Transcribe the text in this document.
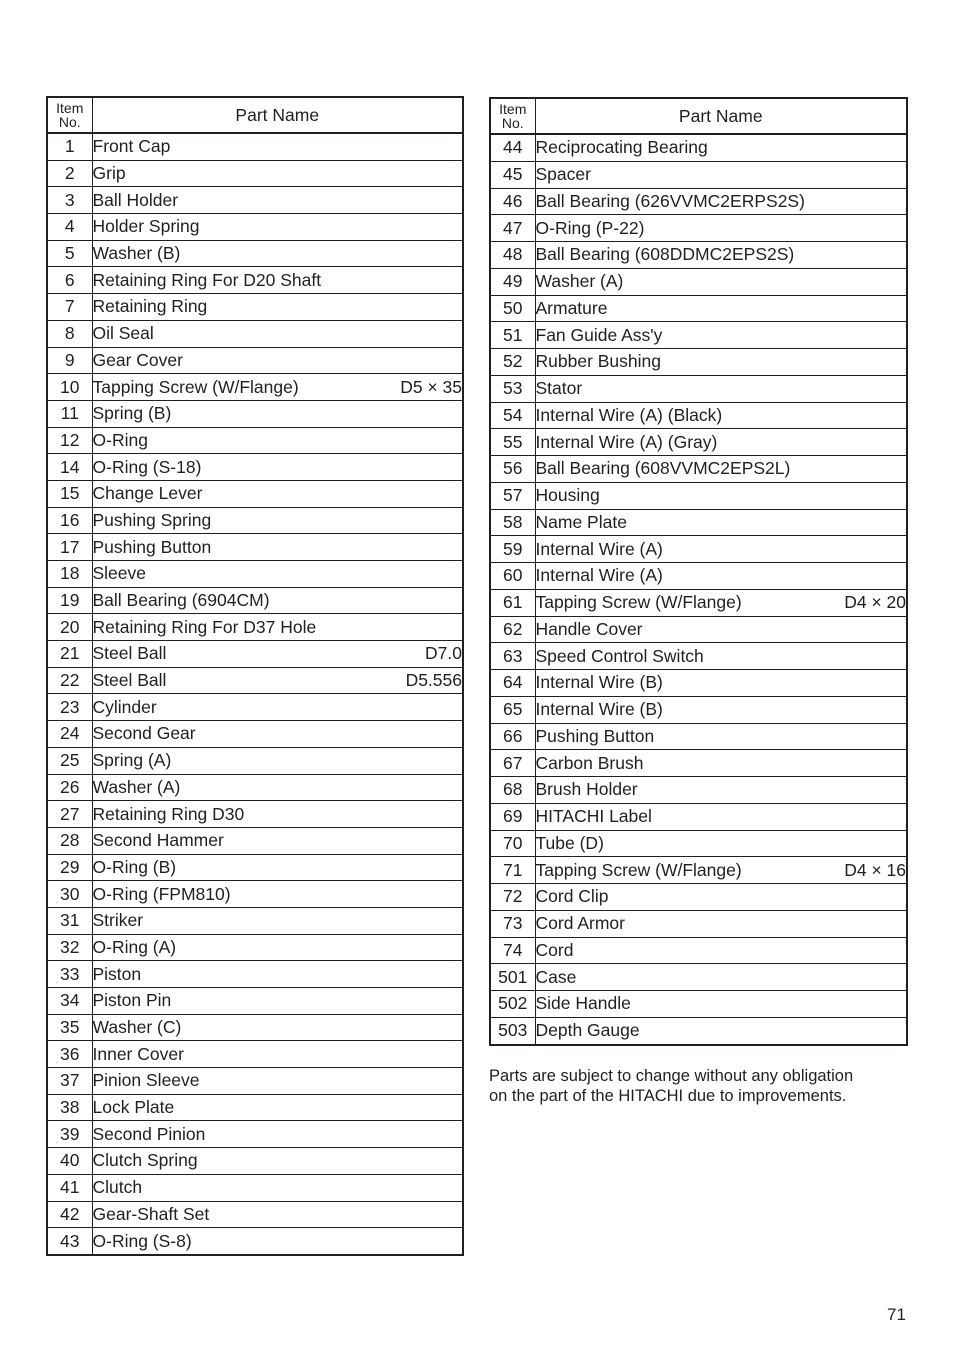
Item
No.	Part Name
1	Front Cap

2	Grip

3	Ball Holder

4	Holder Spring

5	Washer (B)

6	Retaining Ring For D20 Shaft

7	Retaining Ring

8	Oil Seal

9	Gear Cover

10	Tapping Screw (W/Flange) D5 × 35

11	Spring (B)

12	O-Ring

14	O-Ring (S-18)

15	Change Lever

16	Pushing Spring

17	Pushing Button

18	Sleeve

19	Ball Bearing (6904CM)

20	Retaining Ring For D37 Hole

21	Steel Ball D7.0

22	Steel Ball D5.556

23	Cylinder

24	Second Gear

25	Spring (A)

26	Washer (A)

27	Retaining Ring D30

28	Second Hammer

29	O-Ring (B)

30	O-Ring (FPM810)

31	Striker

32	O-Ring (A)

33	Piston

34	Piston Pin

35	Washer (C)

36	Inner Cover

37	Pinion Sleeve

38	Lock Plate

39	Second Pinion

40	Clutch Spring

41	Clutch

42	Gear-Shaft Set

43	O-Ring (S-8)
Item
No.	Part Name
44	Reciprocating Bearing

45	Spacer

46	Ball Bearing (626VVMC2ERPS2S)

47	O-Ring (P-22)

48	Ball Bearing (608DDMC2EPS2S)

49	Washer (A)

50	Armature

51	Fan Guide Ass'y

52	Rubber Bushing

53	Stator

54	Internal Wire (A) (Black)

55	Internal Wire (A) (Gray)

56	Ball Bearing (608VVMC2EPS2L)

57	Housing

58	Name Plate

59	Internal Wire (A)

60	Internal Wire (A)

61	Tapping Screw (W/Flange) D4 × 20

62	Handle Cover

63	Speed Control Switch

64	Internal Wire (B)

65	Internal Wire (B)

66	Pushing Button

67	Carbon Brush

68	Brush Holder

69	HITACHI Label

70	Tube (D)

71	Tapping Screw (W/Flange) D4 × 16

72	Cord Clip

73	Cord Armor

74	Cord

501	Case

502	Side Handle

503	Depth Gauge
Parts are subject to change without any obligation
on the part of the HITACHI due to improvements.
71
